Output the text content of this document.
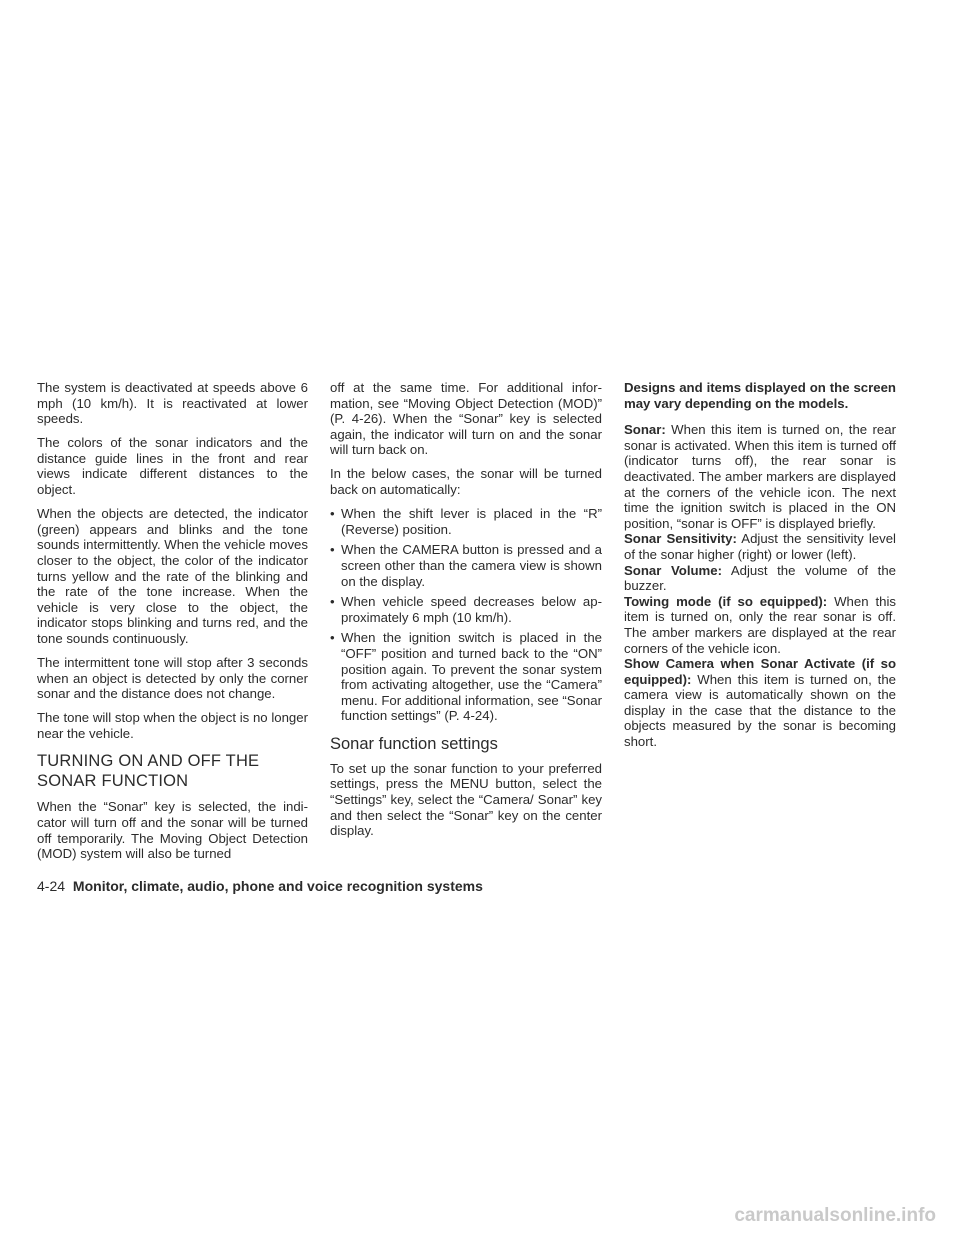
The system is deactivated at speeds above 6 mph (10 km/h). It is reactivated at lower speeds.

The colors of the sonar indicators and the distance guide lines in the front and rear views indicate different distances to the object.

When the objects are detected, the indicator (green) appears and blinks and the tone sounds intermittently. When the vehicle moves closer to the object, the color of the indicator turns yellow and the rate of the blinking and the rate of the tone increase. When the vehicle is very close to the object, the indicator stops blinking and turns red, and the tone sounds continuously.

The intermittent tone will stop after 3 seconds when an object is detected by only the corner sonar and the distance does not change.

The tone will stop when the object is no longer near the vehicle.

TURNING ON AND OFF THE SONAR FUNCTION

When the “Sonar” key is selected, the indicator will turn off and the sonar will be turned off temporarily. The Moving Object Detection (MOD) system will also be turned

off at the same time. For additional information, see “Moving Object Detection (MOD)” (P. 4-26). When the “Sonar” key is selected again, the indicator will turn on and the sonar will turn back on.

In the below cases, the sonar will be turned back on automatically:

• When the shift lever is placed in the “R” (Reverse) position.
• When the CAMERA button is pressed and a screen other than the camera view is shown on the display.
• When vehicle speed decreases below approximately 6 mph (10 km/h).
• When the ignition switch is placed in the “OFF” position and turned back to the “ON” position again. To prevent the sonar system from activating altogether, use the “Camera” menu. For additional information, see “Sonar function settings” (P. 4-24).
Sonar function settings

To set up the sonar function to your preferred settings, press the MENU button, select the “Settings” key, select the “Camera/ Sonar” key and then select the “Sonar” key on the center display.

Designs and items displayed on the screen may vary depending on the models.

Sonar: When this item is turned on, the rear sonar is activated. When this item is turned off (indicator turns off), the rear sonar is deactivated. The amber markers are displayed at the corners of the vehicle icon. The next time the ignition switch is placed in the ON position, “sonar is OFF” is displayed briefly.

Sonar Sensitivity: Adjust the sensitivity level of the sonar higher (right) or lower (left).

Sonar Volume: Adjust the volume of the buzzer.

Towing mode (if so equipped): When this item is turned on, only the rear sonar is off. The amber markers are displayed at the rear corners of the vehicle icon.

Show Camera when Sonar Activate (if so equipped): When this item is turned on, the camera view is automatically shown on the display in the case that the distance to the objects measured by the sonar is becoming short.

4-24 Monitor, climate, audio, phone and voice recognition systems
carmanualsonline.info
